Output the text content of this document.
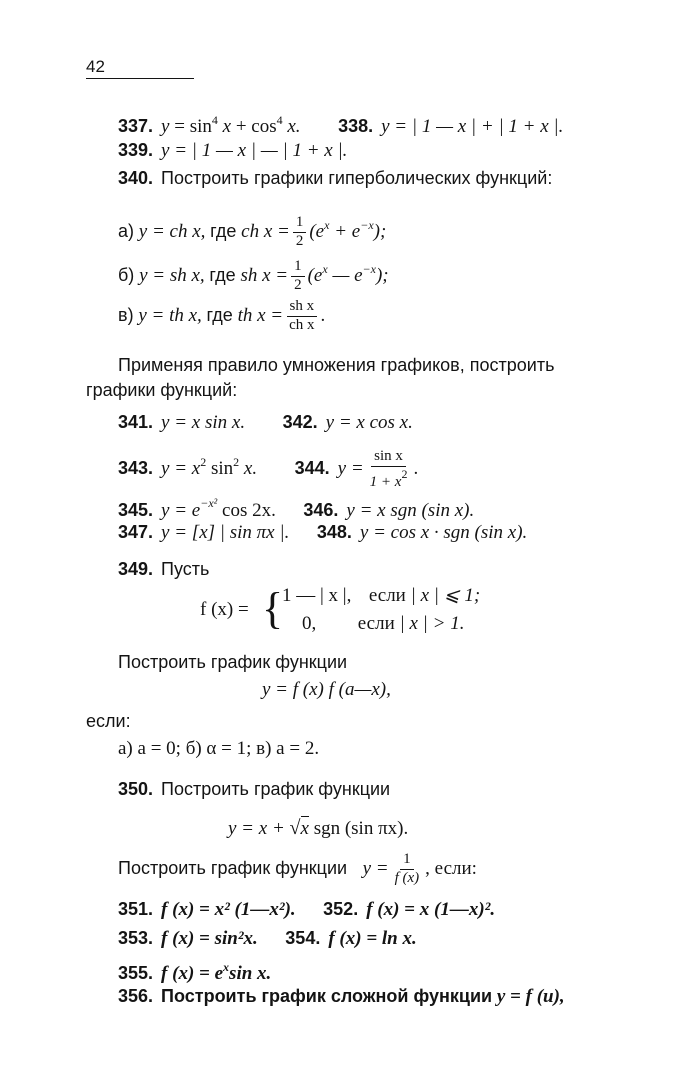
42
337. $y = \sin^4 x + \cos^4 x$. 338. y = | 1 — x | + | 1 + x |.
339. y = | 1 — x | — | 1 + x |.
340. Построить графики гиперболических функций:
а) y = ch x, где ch $x = \frac{1}{2} (e^x + e^{-x})$;
б) y = sh x, где sh $x = \frac{1}{2} (e^x$ — $e^{-x}$);
в) y = th x, где th $x = \frac{\text{sh x}}{\text{ch x}}$ .
Применяя правило умножения графиков, построить
графики функций:
341. y = x sin x. 342. y = x cos x.
343. $y = x^2$ $\sin^2 x$. 344. $y = \frac{\text{sin x}}{1 + x^2}$ .
345. $y = e^{-x^2}$ cos 2x. 346. y = x sgn (sin x).
347. y = [x] | sin πx |. 348. y = cos x · sgn (sin x).
349. Пусть
f (x) = {
1 — | x |, если | x | ⩽ 1;
0, если | x | > 1.
Построить график функции
y = f (x) f (a—x),
если:
а) a = 0; б) α = 1; в) a = 2.
350. Построить график функции
y = x + √x sgn (sin πx).
Построить график функции $y = \frac{1}{f (x)}$ , если:
351. f (x) = x² (1—x²). 352. f (x) = x (1—x)².
353. f (x) = sin²x. 354. f (x) = ln x.
355. f $(x) = e^x\sin$ x.
356. Построить график сложной функции y = f (u),
